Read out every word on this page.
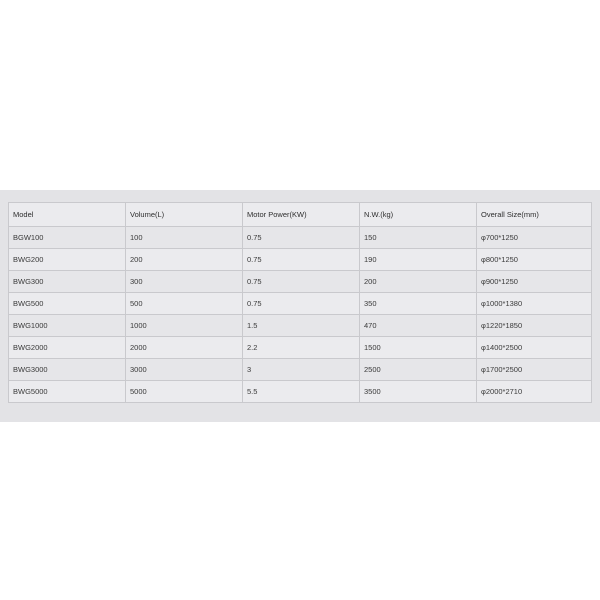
Model	Volume(L)	Motor Power(KW)	N.W.(kg)	Overall Size(mm)
BGW100	100	0.75	150	φ700*1250
BWG200	200	0.75	190	φ800*1250
BWG300	300	0.75	200	φ900*1250
BWG500	500	0.75	350	φ1000*1380
BWG1000	1000	1.5	470	φ1220*1850
BWG2000	2000	2.2	1500	φ1400*2500
BWG3000	3000	3	2500	φ1700*2500
BWG5000	5000	5.5	3500	φ2000*2710
